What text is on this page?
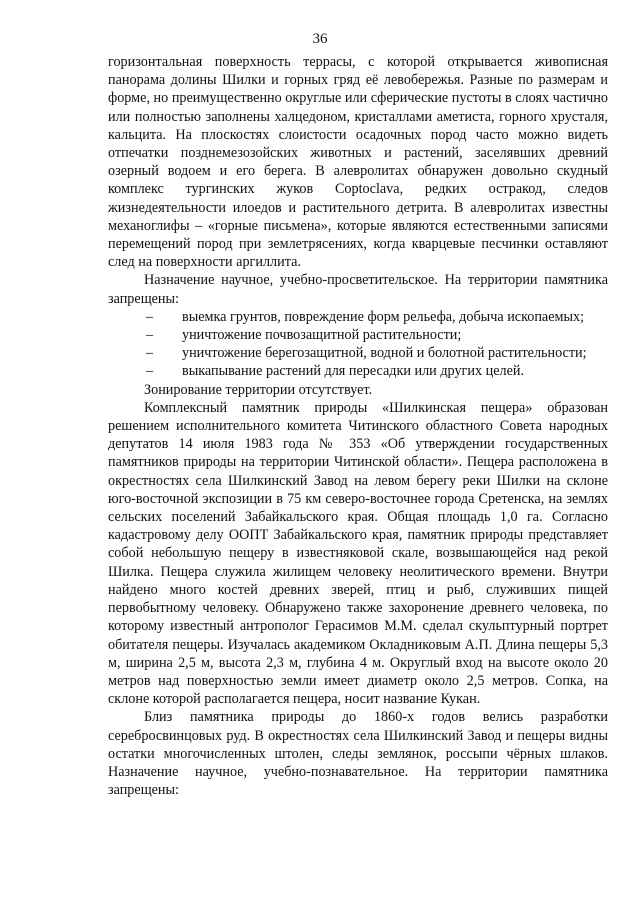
36

горизонтальная поверхность террасы, с которой открывается живописная панорама долины Шилки и горных гряд её левобережья. Разные по размерам и форме, но преимущественно округлые или сферические пустоты в слоях частично или полностью заполнены халцедоном, кристаллами аметиста, горного хрусталя, кальцита. На плоскостях слоистости осадочных пород часто можно видеть отпечатки позднемезозойских животных и растений, заселявших древний озерный водоем и его берега. В алевролитах обнаружен довольно скудный комплекс тургинских жуков Coptoclava, редких остракод, следов жизнедеятельности илоедов и растительного детрита. В алевролитах известны механоглифы – «горные письмена», которые являются естественными записями перемещений пород при землетрясениях, когда кварцевые песчинки оставляют след на поверхности аргиллита.

Назначение научное, учебно-просветительское. На территории памятника запрещены:

–	выемка грунтов, повреждение форм рельефа, добыча ископаемых;
–	уничтожение почвозащитной растительности;
–	уничтожение берегозащитной, водной и болотной растительности;
–	выкапывание растений для пересадки или других целей.

Зонирование территории отсутствует.

Комплексный памятник природы «Шилкинская пещера» образован решением исполнительного комитета Читинского областного Совета народных депутатов 14 июля 1983 года № 353 «Об утверждении государственных памятников природы на территории Читинской области». Пещера расположена в окрестностях села Шилкинский Завод на левом берегу реки Шилки на склоне юго-восточной экспозиции в 75 км северо-восточнее города Сретенска, на землях сельских поселений Забайкальского края. Общая площадь 1,0 га. Согласно кадастровому делу ООПТ Забайкальского края, памятник природы представляет собой небольшую пещеру в известняковой скале, возвышающейся над рекой Шилка. Пещера служила жилищем человеку неолитического времени. Внутри найдено много костей древних зверей, птиц и рыб, служивших пищей первобытному человеку. Обнаружено также захоронение древнего человека, по которому известный антрополог Герасимов М.М. сделал скульптурный портрет обитателя пещеры. Изучалась академиком Окладниковым А.П. Длина пещеры 5,3 м, ширина 2,5 м, высота 2,3 м, глубина 4 м. Округлый вход на высоте около 20 метров над поверхностью земли имеет диаметр около 2,5 метров. Сопка, на склоне которой располагается пещера, носит название Кукан.

Близ памятника природы до 1860-х годов велись разработки серебросвинцовых руд. В окрестностях села Шилкинский Завод и пещеры видны остатки многочисленных штолен, следы землянок, россыпи чёрных шлаков. Назначение научное, учебно-познавательное. На территории памятника запрещены:
